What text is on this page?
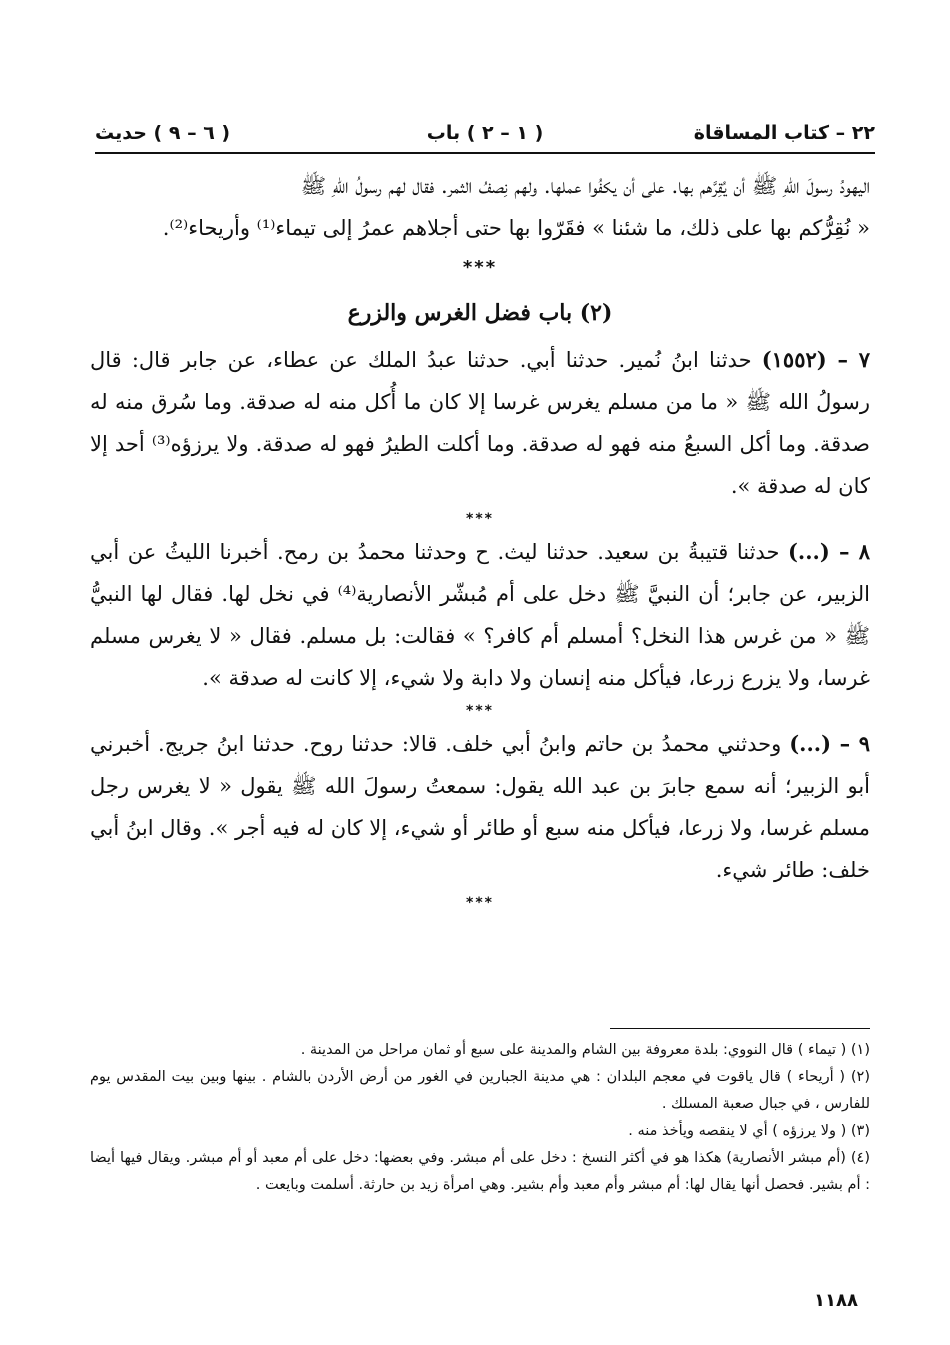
٢٢ – كتاب المساقاة
( ١ – ٢ ) باب
( ٦ – ٩ ) حديث

اليهودُ رسولَ اللهِ ﷺ أن يُقِرَّهم بها. على أن يكفُوا عملها. ولهم نِصفُ الثمر. فقال لهم رسولُ اللهِ ﷺ

« نُقِرُّكم بها على ذلك، ما شئنا » فقَرّوا بها حتى أجلاهم عمرُ إلى تيماء⁽¹⁾ وأريحاء⁽²⁾.

***

(٢) باب فضل الغرس والزرع

٧ – (١٥٥٢) حدثنا ابنُ نُمير. حدثنا أبي. حدثنا عبدُ الملك عن عطاء، عن جابر قال: قال رسولُ الله ﷺ « ما من مسلم يغرس غرسا إلا كان ما أُكل منه له صدقة. وما سُرق منه له صدقة. وما أكل السبعُ منه فهو له صدقة. وما أكلت الطيرُ فهو له صدقة. ولا يرزؤه⁽³⁾ أحد إلا كان له صدقة ».

***

٨ – (...) حدثنا قتيبةُ بن سعيد. حدثنا ليث. ح وحدثنا محمدُ بن رمح. أخبرنا الليثُ عن أبي الزبير، عن جابر؛ أن النبيَّ ﷺ دخل على أم مُبشّر الأنصارية⁽⁴⁾ في نخل لها. فقال لها النبيُّ ﷺ « من غرس هذا النخل؟ أمسلم أم كافر؟ » فقالت: بل مسلم. فقال « لا يغرس مسلم غرسا، ولا يزرع زرعا، فيأكل منه إنسان ولا دابة ولا شيء، إلا كانت له صدقة ».

***

٩ – (...) وحدثني محمدُ بن حاتم وابنُ أبي خلف. قالا: حدثنا روح. حدثنا ابنُ جريج. أخبرني أبو الزبير؛ أنه سمع جابرَ بن عبد الله يقول: سمعتُ رسولَ الله ﷺ يقول « لا يغرس رجل مسلم غرسا، ولا زرعا، فيأكل منه سبع أو طائر أو شيء، إلا كان له فيه أجر ». وقال ابنُ أبي خلف: طائر شيء.

***

(١) ( تيماء ) قال النووي: بلدة معروفة بين الشام والمدينة على سبع أو ثمان مراحل من المدينة .

(٢) ( أريحاء ) قال ياقوت في معجم البلدان : هي مدينة الجبارين في الغور من أرض الأردن بالشام . بينها وبين بيت المقدس يوم للفارس ، في جبال صعبة المسلك .

(٣) ( ولا يرزؤه ) أي لا ينقصه ويأخذ منه .

(٤) (أم مبشر الأنصارية) هكذا هو في أكثر النسخ : دخل على أم مبشر. وفي بعضها: دخل على أم معبد أو أم مبشر. ويقال فيها أيضا : أم بشير. فحصل أنها يقال لها: أم مبشر وأم معبد وأم بشير. وهي امرأة زيد بن حارثة. أسلمت وبايعت .

١١٨٨
